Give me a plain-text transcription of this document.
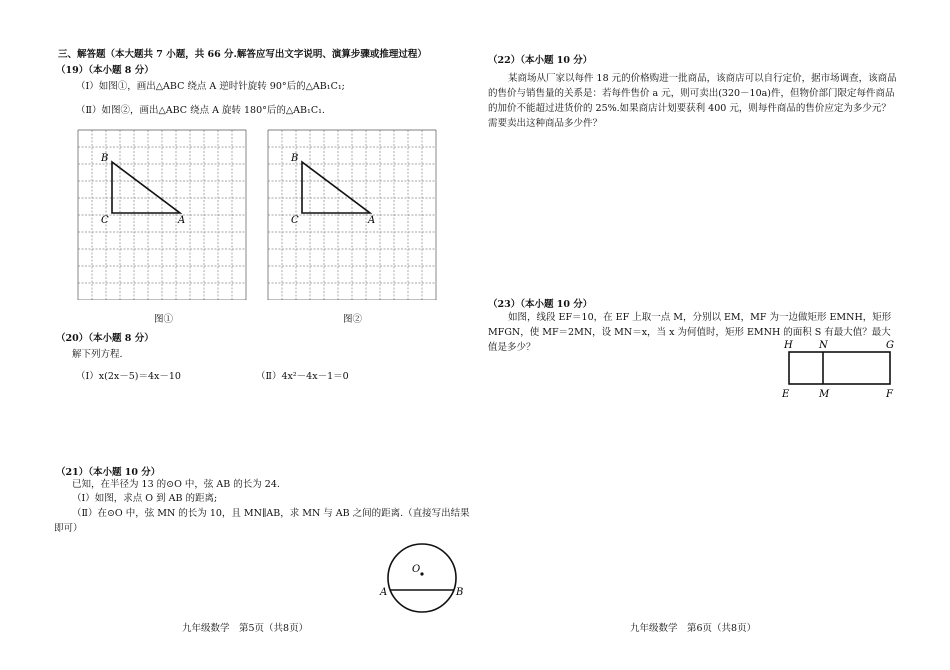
三、解答题（本大题共 7 小题，共 66 分.解答应写出文字说明、演算步骤或推理过程）
（19）（本小题 8 分）
（Ⅰ）如图①，画出△ABC 绕点 A 逆时针旋转 90°后的△AB₁C₁;
（Ⅱ）如图②，画出△ABC 绕点 A 旋转 180°后的△AB₁C₁.
B
C	A
B
C	A
图①	图②
（20）（本小题 8 分）
解下列方程.
（Ⅰ）x(2x－5)＝4x－10	（Ⅱ）4x²－4x－1＝0
（21）（本小题 10 分）
已知，在半径为 13 的⊙O 中，弦 AB 的长为 24.
（Ⅰ）如图，求点 O 到 AB 的距离;
（Ⅱ）在⊙O 中，弦 MN 的长为 10，且 MN∥AB，求 MN 与 AB 之间的距离.（直接写出结果
即可）
O
A	B
九年级数学　第5页（共8页）
（22）（本小题 10 分）
某商场从厂家以每件 18 元的价格购进一批商品，该商店可以自行定价，据市场调查，该商品的售价与销售量的关系是：若每件售价 a 元，则可卖出(320－10a)件，但物价部门限定每件商品的加价不能超过进货价的 25%.如果商店计划要获利 400 元，则每件商品的售价应定为多少元？需要卖出这种商品多少件？
（23）（本小题 10 分）
如图，线段 EF＝10，在 EF 上取一点 M，分别以 EM，MF 为一边做矩形 EMNH，矩形 MFGN，使 MF＝2MN，设 MN＝x，当 x 为何值时，矩形 EMNH 的面积 S 有最大值？最大值是多少？	H	N	G
E	M	F
九年级数学　第6页（共8页）
